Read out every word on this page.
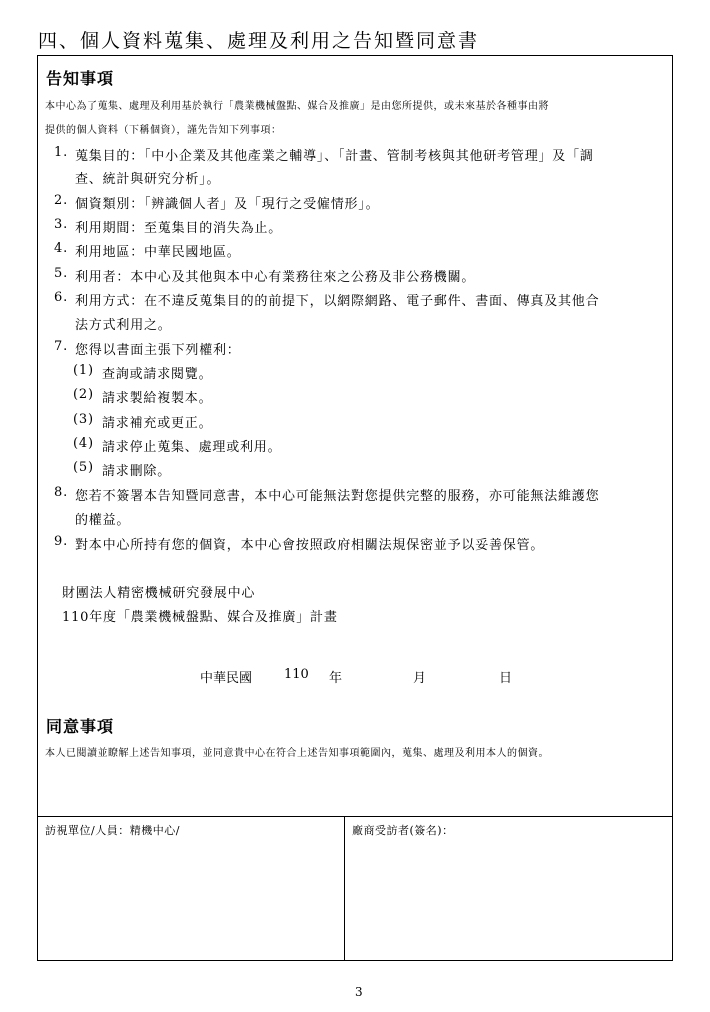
四、個人資料蒐集、處理及利用之告知暨同意書
告知事項
本中心為了蒐集、處理及利用基於執行「農業機械盤點、媒合及推廣」是由您所提供，或未來基於各種事由將
提供的個人資料（下稱個資），謹先告知下列事項：
1. 蒐集目的：「中小企業及其他產業之輔導」、「計畫、管制考核與其他研考管理」及「調
查、統計與研究分析」。
2. 個資類別：「辨識個人者」及「現行之受僱情形」。
3. 利用期間：至蒐集目的消失為止。
4. 利用地區：中華民國地區。
5. 利用者：本中心及其他與本中心有業務往來之公務及非公務機關。
6. 利用方式：在不違反蒐集目的的前提下，以網際網路、電子郵件、書面、傳真及其他合
法方式利用之。
7. 您得以書面主張下列權利：
(1) 查詢或請求閱覽。
(2) 請求製給複製本。
(3) 請求補充或更正。
(4) 請求停止蒐集、處理或利用。
(5) 請求刪除。
8. 您若不簽署本告知暨同意書，本中心可能無法對您提供完整的服務，亦可能無法維護您
的權益。
9. 對本中心所持有您的個資，本中心會按照政府相關法規保密並予以妥善保管。
財團法人精密機械研究發展中心
110年度「農業機械盤點、媒合及推廣」計畫
中華民國 110 年	月	日
同意事項
本人已閱讀並瞭解上述告知事項，並同意貴中心在符合上述告知事項範圍內，蒐集、處理及利用本人的個資。
訪視單位/人員：精機中心/	廠商受訪者(簽名)：
3
